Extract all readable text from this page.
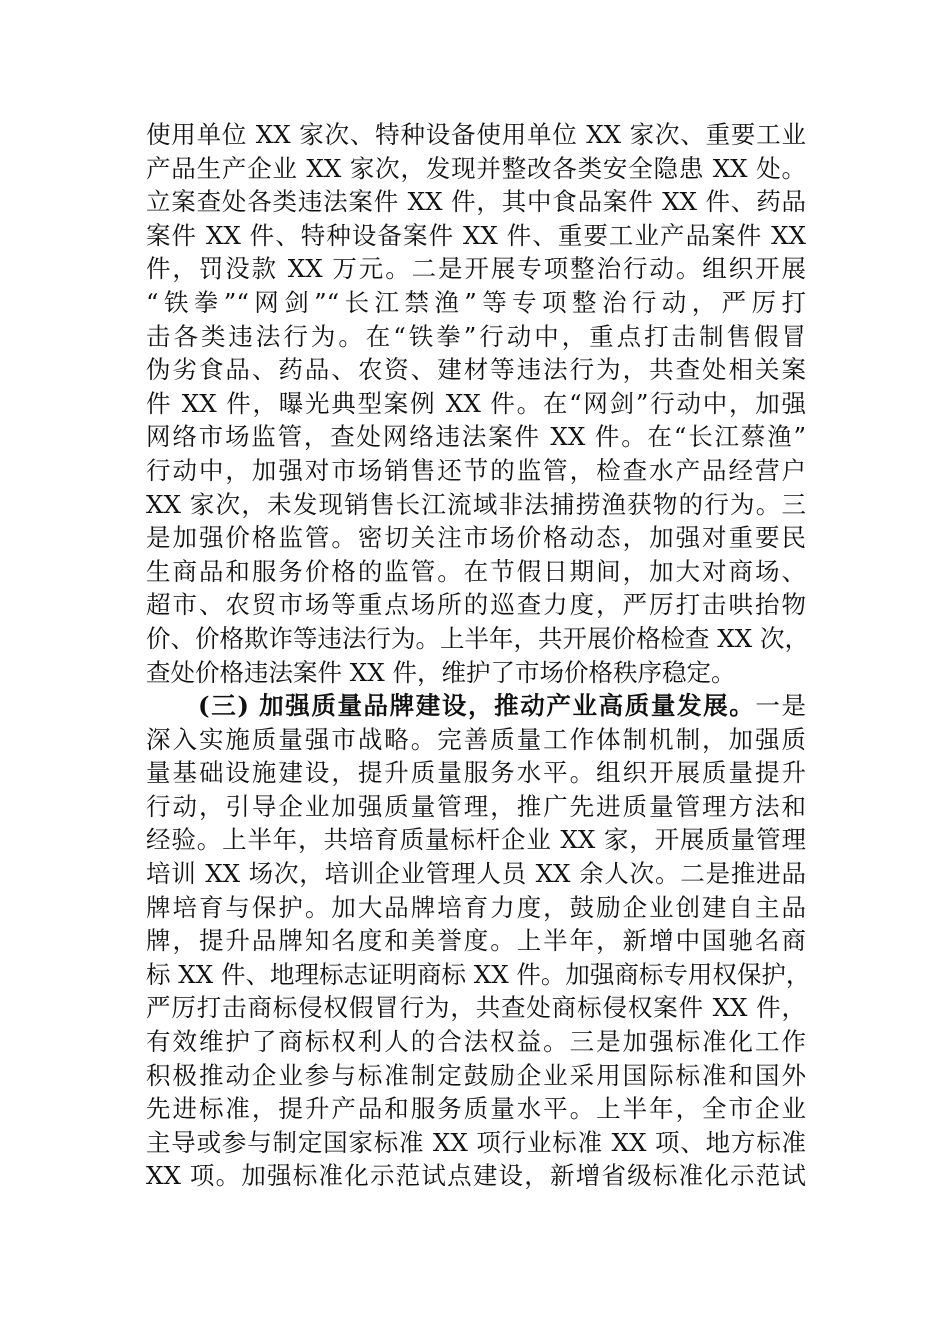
使用单位 XX 家次、特种设备使用单位 XX 家次、重要工业
产品生产企业 XX 家次，发现并整改各类安全隐患 XX 处。
立案查处各类违法案件 XX 件，其中食品案件 XX 件、药品
案件 XX 件、特种设备案件 XX 件、重要工业产品案件 XX
件，罚没款 XX 万元。二是开展专项整治行动。组织开展
“铁拳”“网剑”“长江禁渔”等专项整治行动，严厉打
击各类违法行为。在“铁拳”行动中，重点打击制售假冒
伪劣食品、药品、农资、建材等违法行为，共查处相关案
件 XX 件，曝光典型案例 XX 件。在“网剑”行动中，加强
网络市场监管，查处网络违法案件 XX 件。在“长江蔡渔”
行动中，加强对市场销售还节的监管，检查水产品经营户
XX 家次，未发现销售长江流域非法捕捞渔获物的行为。三
是加强价格监管。密切关注市场价格动态，加强对重要民
生商品和服务价格的监管。在节假日期间，加大对商场、
超市、农贸市场等重点场所的巡查力度，严厉打击哄抬物
价、价格欺诈等违法行为。上半年，共开展价格检查 XX 次，
查处价格违法案件 XX 件，维护了市场价格秩序稳定。
(三) 加强质量品牌建设，推动产业高质量发展。一是
深入实施质量强市战略。完善质量工作体制机制，加强质
量基础设施建设，提升质量服务水平。组织开展质量提升
行动，引导企业加强质量管理，推广先进质量管理方法和
经验。上半年，共培育质量标杆企业 XX 家，开展质量管理
培训 XX 场次，培训企业管理人员 XX 余人次。二是推进品
牌培育与保护。加大品牌培育力度，鼓励企业创建自主品
牌，提升品牌知名度和美誉度。上半年，新增中国驰名商
标 XX 件、地理标志证明商标 XX 件。加强商标专用权保护，
严厉打击商标侵权假冒行为，共查处商标侵权案件 XX 件，
有效维护了商标权利人的合法权益。三是加强标准化工作
积极推动企业参与标准制定鼓励企业采用国际标准和国外
先进标准，提升产品和服务质量水平。上半年，全市企业
主导或参与制定国家标准 XX 项行业标准 XX 项、地方标准
XX 项。加强标准化示范试点建设，新增省级标准化示范试
